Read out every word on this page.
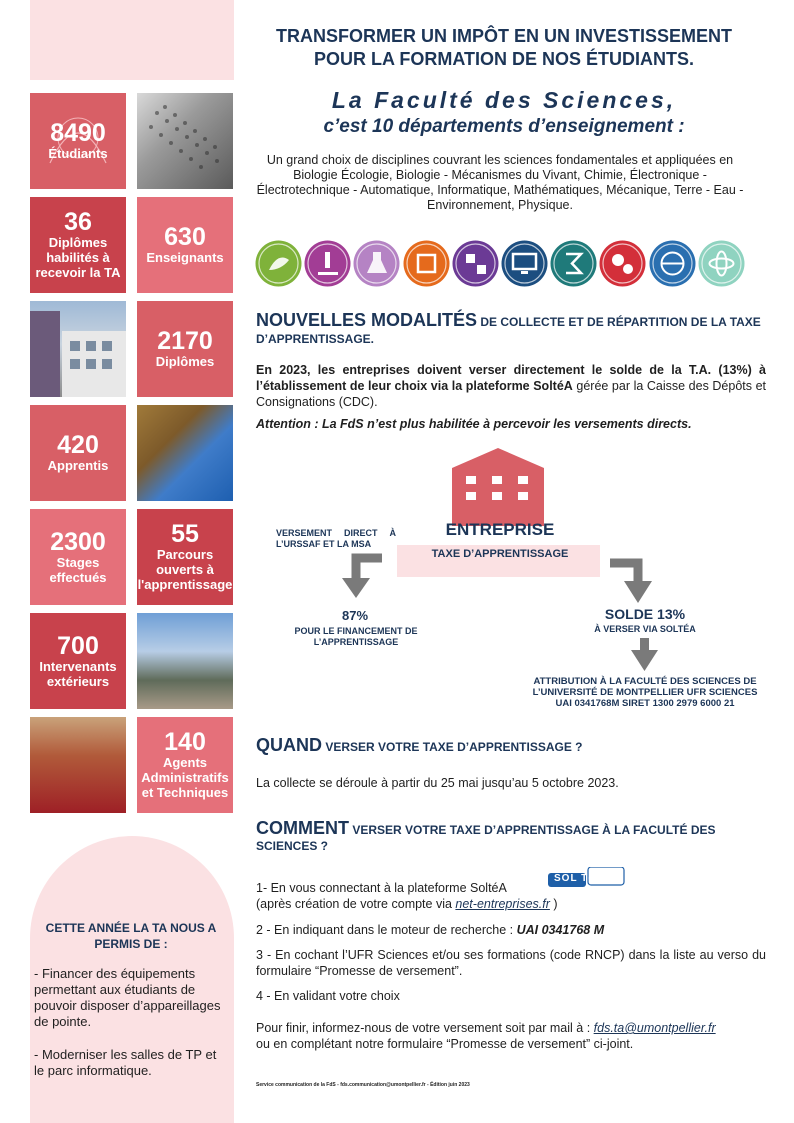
8490
Étudiants
36
Diplômes habilités à recevoir la TA
630
Enseignants
2170
Diplômes
420
Apprentis
2300
Stages effectués
55
Parcours ouverts à l'apprentissage
700
Intervenants extérieurs
140
Agents Administratifs et Techniques
CETTE ANNÉE LA TA NOUS A PERMIS DE :
- Financer des équipements permettant aux étudiants de pouvoir disposer d’appareillages de pointe.
- Moderniser les salles de TP et le parc informatique.
TRANSFORMER UN IMPÔT EN UN INVESTISSEMENT
POUR LA FORMATION DE NOS ÉTUDIANTS.
La Faculté des Sciences,
c’est 10 départements d’enseignement :
Un grand choix de disciplines couvrant les sciences fondamentales et appliquées en Biologie Écologie, Biologie - Mécanismes du Vivant, Chimie, Électronique - Électrotechnique - Automatique, Informatique, Mathématiques, Mécanique, Terre - Eau - Environnement, Physique.
NOUVELLES MODALITÉS DE COLLECTE ET DE RÉPARTITION DE LA TAXE D’APPRENTISSAGE.
En 2023, les entreprises doivent verser directement le solde de la T.A. (13%) à l’établissement de leur choix via la plateforme SoltéA gérée par la Caisse des Dépôts et Consignations (CDC).
Attention : La FdS n’est plus habilitée à percevoir les versements directs.
ENTREPRISE
TAXE D’APPRENTISSAGE
VERSEMENT DIRECT À L’URSSAF ET LA MSA
87%
POUR LE FINANCEMENT DE L’APPRENTISSAGE
SOLDE 13%
À VERSER VIA SOLTÉA
ATTRIBUTION À LA FACULTÉ DES SCIENCES DE L’UNIVERSITÉ DE MONTPELLIER UFR SCIENCES UAI 0341768M SIRET 1300 2979 6000 21
QUAND VERSER VOTRE TAXE D’APPRENTISSAGE ?
La collecte se déroule à partir du 25 mai jusqu’au 5 octobre 2023.
COMMENT VERSER VOTRE TAXE D’APPRENTISSAGE À LA FACULTÉ DES SCIENCES ?
1- En vous connectant à la plateforme SoltéA
(après création de votre compte via net-entreprises.fr )
SOL TéA
2 - En indiquant dans le moteur de recherche : UAI 0341768 M
3 - En cochant l’UFR Sciences et/ou ses formations (code RNCP) dans la liste au verso du formulaire “Promesse de versement”.
4 - En validant votre choix
Pour finir, informez-nous de votre versement soit par mail à : fds.ta@umontpellier.fr
ou en complétant notre formulaire “Promesse de versement” ci-joint.
Service communication de la FdS - fds.communication@umontpellier.fr - Édition juin 2023
